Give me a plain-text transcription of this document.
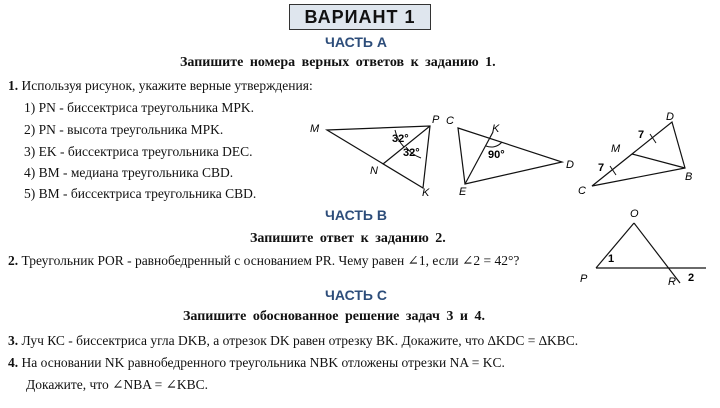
ВАРИАНТ 1
ЧАСТЬ А
Запишите номера верных ответов к заданию 1.
1. Используя рисунок, укажите верные утверждения:
1) PN - биссектриса треугольника MPK.
2) PN - высота треугольника MPK.
3) EK - биссектриса треугольника DEC.
4) BM - медиана треугольника CBD.
5) BM - биссектриса треугольника CBD.
M
P
N
K
32°
32°
C
K
D
E
90°
D
M
B
C
7
7
ЧАСТЬ В
Запишите ответ к заданию 2.
2. Треугольник POR - равнобедренный с основанием PR. Чему равен ∠1, если ∠2 = 42°?
O
P	R
1
2
ЧАСТЬ С
Запишите обоснованное решение задач 3 и 4.
3. Луч КС - биссектриса угла DKB, а отрезок DK равен отрезку BK. Докажите, что ∆KDC = ∆KBC.
4. На основании NK равнобедренного треугольника NBK отложены отрезки NA = KC.
Докажите, что ∠NBA = ∠KBC.
